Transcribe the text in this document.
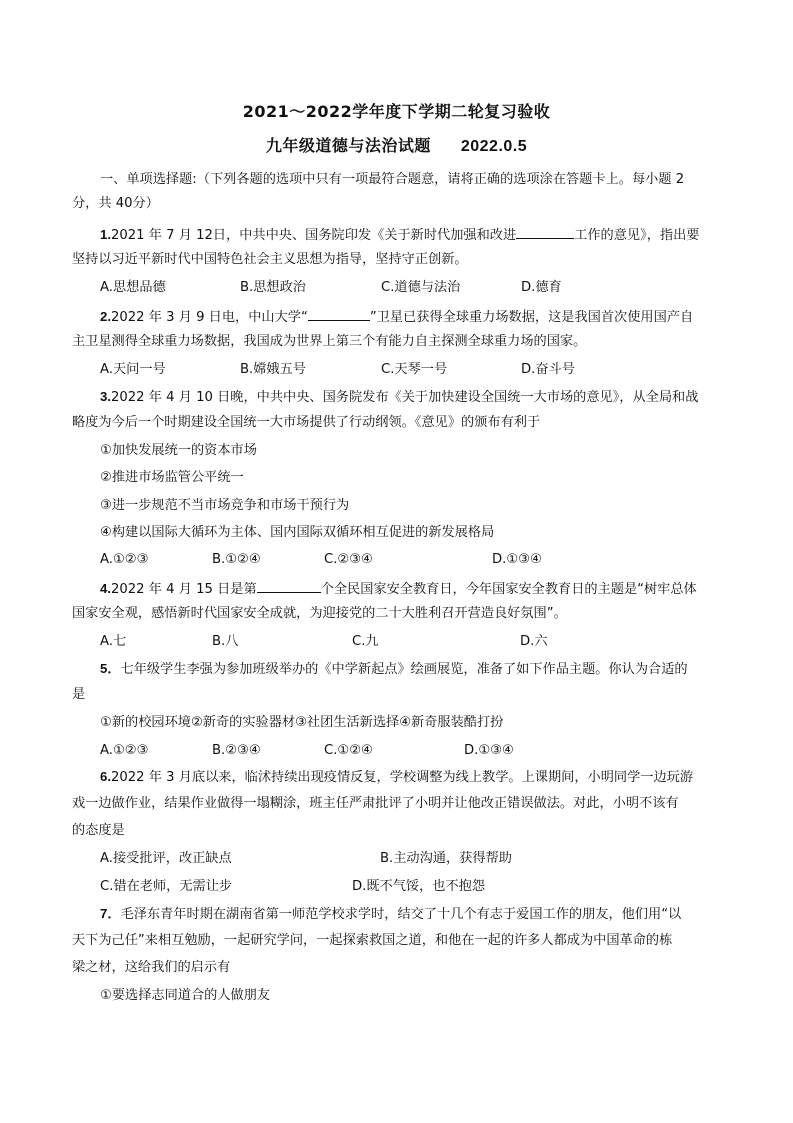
2021～2022学年度下学期二轮复习验收
九年级道德与法治试题 2022.0.5
一、单项选择题:（下列各题的选项中只有一项最符合题意，请将正确的选项涂在答题卡上。每小题 2
分，共 40分）
1.2021 年 7 月 12日，中共中央、国务院印发《关于新时代加强和改进	工作的意见》，指出要
坚持以习近平新时代中国特色社会主义思想为指导，坚持守正创新。
A.思想品德	B.思想政治	C.道德与法治	D.德育
2.2022 年 3 月 9 日电，中山大学“	”卫星已获得全球重力场数据，这是我国首次使用国产自
主卫星测得全球重力场数据，我国成为世界上第三个有能力自主探测全球重力场的国家。
A.天问一号	B.嫦娥五号	C.天琴一号	D.奋斗号
3.2022 年 4 月 10 日晚，中共中央、国务院发布《关于加快建设全国统一大市场的意见》，从全局和战
略度为今后一个时期建设全国统一大市场提供了行动纲领。《意见》的颁布有利于
①加快发展统一的资本市场
②推进市场监管公平统一
③进一步规范不当市场竞争和市场干预行为
④构建以国际大循环为主体、国内国际双循环相互促进的新发展格局
A.①②③	B.①②④	C.②③④	D.①③④
4.2022 年 4 月 15 日是第	个全民国家安全教育日，今年国家安全教育日的主题是“树牢总体
国家安全观，感悟新时代国家安全成就，为迎接党的二十大胜利召开营造良好氛围”。
A.七	B.八	C.九	D.六
5．七年级学生李强为参加班级举办的《中学新起点》绘画展览，准备了如下作品主题。你认为合适的
是
①新的校园环境②新奇的实验器材③社团生活新选择④新奇服装酷打扮
A.①②③	B.②③④	C.①②④	D.①③④
6.2022 年 3 月底以来，临沭持续出现疫情反复，学校调整为线上教学。上课期间，小明同学一边玩游
戏一边做作业，结果作业做得一塌糊涂，班主任严肃批评了小明并让他改正错误做法。对此，小明不该有
的态度是
A.接受批评，改正缺点	B.主动沟通，获得帮助
C.错在老师，无需让步	D.既不气馁，也不抱怨
7．毛泽东青年时期在湖南省第一师范学校求学时，结交了十几个有志于爱国工作的朋友，他们用“以
天下为己任”来相互勉励，一起研究学问，一起探索救国之道，和他在一起的许多人都成为中国革命的栋
梁之材，这给我们的启示有
①要选择志同道合的人做朋友
